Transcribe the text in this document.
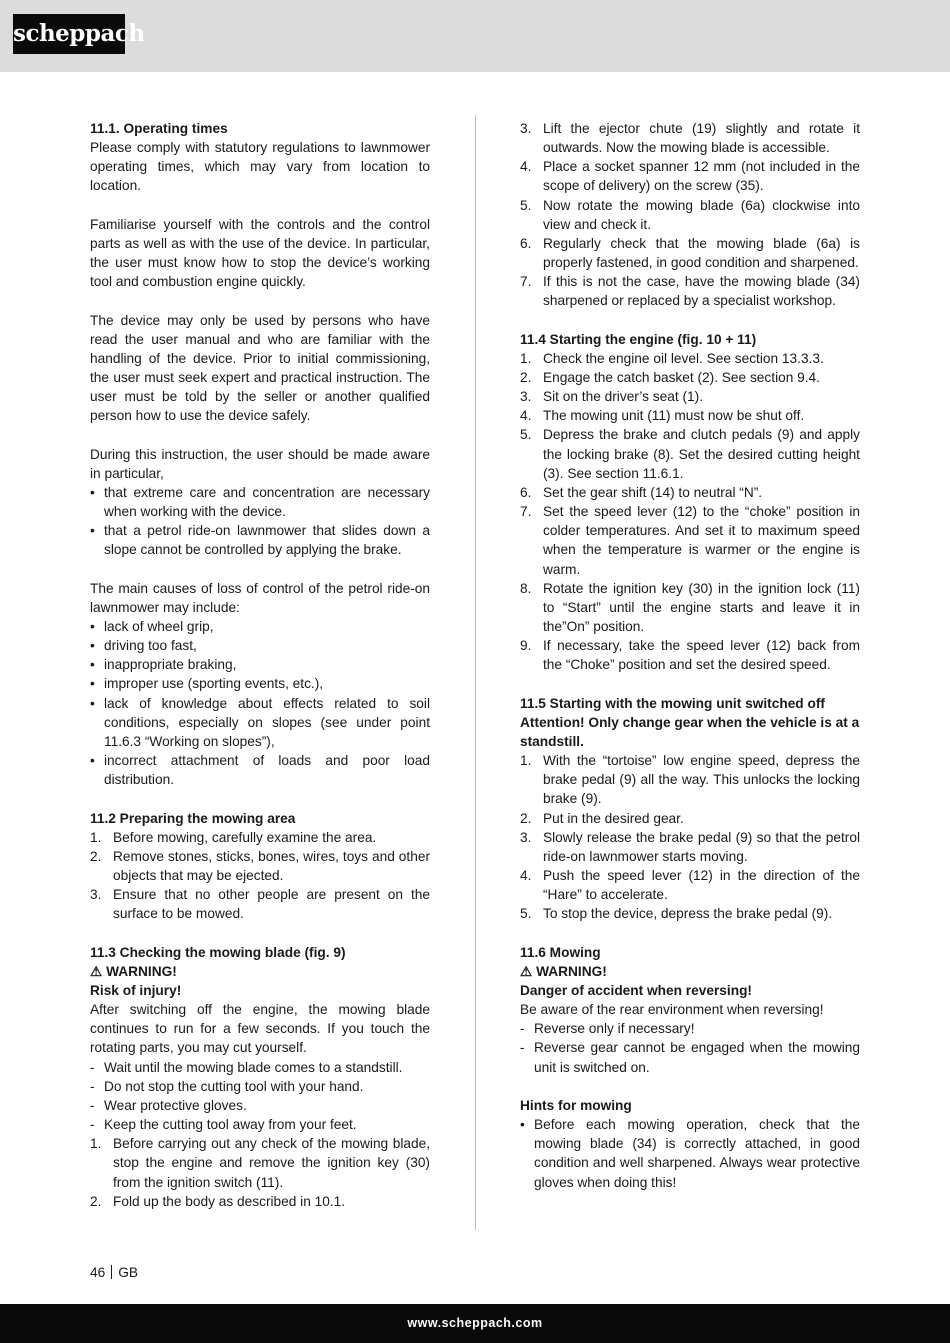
scheppach
11.1. Operating times
Please comply with statutory regulations to lawnmower operating times, which may vary from location to location.
Familiarise yourself with the controls and the control parts as well as with the use of the device. In particular, the user must know how to stop the device’s working tool and combustion engine quickly.
The device may only be used by persons who have read the user manual and who are familiar with the handling of the device. Prior to initial commissioning, the user must seek expert and practical instruction. The user must be told by the seller or another qualified person how to use the device safely.
During this instruction, the user should be made aware in particular,
• that extreme care and concentration are necessary when working with the device.
• that a petrol ride-on lawnmower that slides down a slope cannot be controlled by applying the brake.
The main causes of loss of control of the petrol ride-on lawnmower may include:
• lack of wheel grip,
• driving too fast,
• inappropriate braking,
• improper use (sporting events, etc.),
• lack of knowledge about effects related to soil conditions, especially on slopes (see under point 11.6.3 “Working on slopes”),
• incorrect attachment of loads and poor load distribution.
11.2 Preparing the mowing area
1. Before mowing, carefully examine the area.
2. Remove stones, sticks, bones, wires, toys and other objects that may be ejected.
3. Ensure that no other people are present on the surface to be mowed.
11.3 Checking the mowing blade (fig. 9)
⚠ WARNING!
Risk of injury!
After switching off the engine, the mowing blade continues to run for a few seconds. If you touch the rotating parts, you may cut yourself.
- Wait until the mowing blade comes to a standstill.
- Do not stop the cutting tool with your hand.
- Wear protective gloves.
- Keep the cutting tool away from your feet.
1. Before carrying out any check of the mowing blade, stop the engine and remove the ignition key (30) from the ignition switch (11).
2. Fold up the body as described in 10.1.
3. Lift the ejector chute (19) slightly and rotate it outwards. Now the mowing blade is accessible.
4. Place a socket spanner 12 mm (not included in the scope of delivery) on the screw (35).
5. Now rotate the mowing blade (6a) clockwise into view and check it.
6. Regularly check that the mowing blade (6a) is properly fastened, in good condition and sharpened.
7. If this is not the case, have the mowing blade (34) sharpened or replaced by a specialist workshop.
11.4 Starting the engine (fig. 10 + 11)
1. Check the engine oil level. See section 13.3.3.
2. Engage the catch basket (2). See section 9.4.
3. Sit on the driver’s seat (1).
4. The mowing unit (11) must now be shut off.
5. Depress the brake and clutch pedals (9) and apply the locking brake (8). Set the desired cutting height (3). See section 11.6.1.
6. Set the gear shift (14) to neutral “N”.
7. Set the speed lever (12) to the “choke” position in colder temperatures. And set it to maximum speed when the temperature is warmer or the engine is warm.
8. Rotate the ignition key (30) in the ignition lock (11) to “Start” until the engine starts and leave it in the”On” position.
9. If necessary, take the speed lever (12) back from the “Choke” position and set the desired speed.
11.5 Starting with the mowing unit switched off
Attention! Only change gear when the vehicle is at a standstill.
1. With the “tortoise” low engine speed, depress the brake pedal (9) all the way. This unlocks the locking brake (9).
2. Put in the desired gear.
3. Slowly release the brake pedal (9) so that the petrol ride-on lawnmower starts moving.
4. Push the speed lever (12) in the direction of the “Hare” to accelerate.
5. To stop the device, depress the brake pedal (9).
11.6 Mowing
⚠ WARNING!
Danger of accident when reversing!
Be aware of the rear environment when reversing!
- Reverse only if necessary!
- Reverse gear cannot be engaged when the mowing unit is switched on.
Hints for mowing
• Before each mowing operation, check that the mowing blade (34) is correctly attached, in good condition and well sharpened. Always wear protective gloves when doing this!
46 GB
www.scheppach.com
